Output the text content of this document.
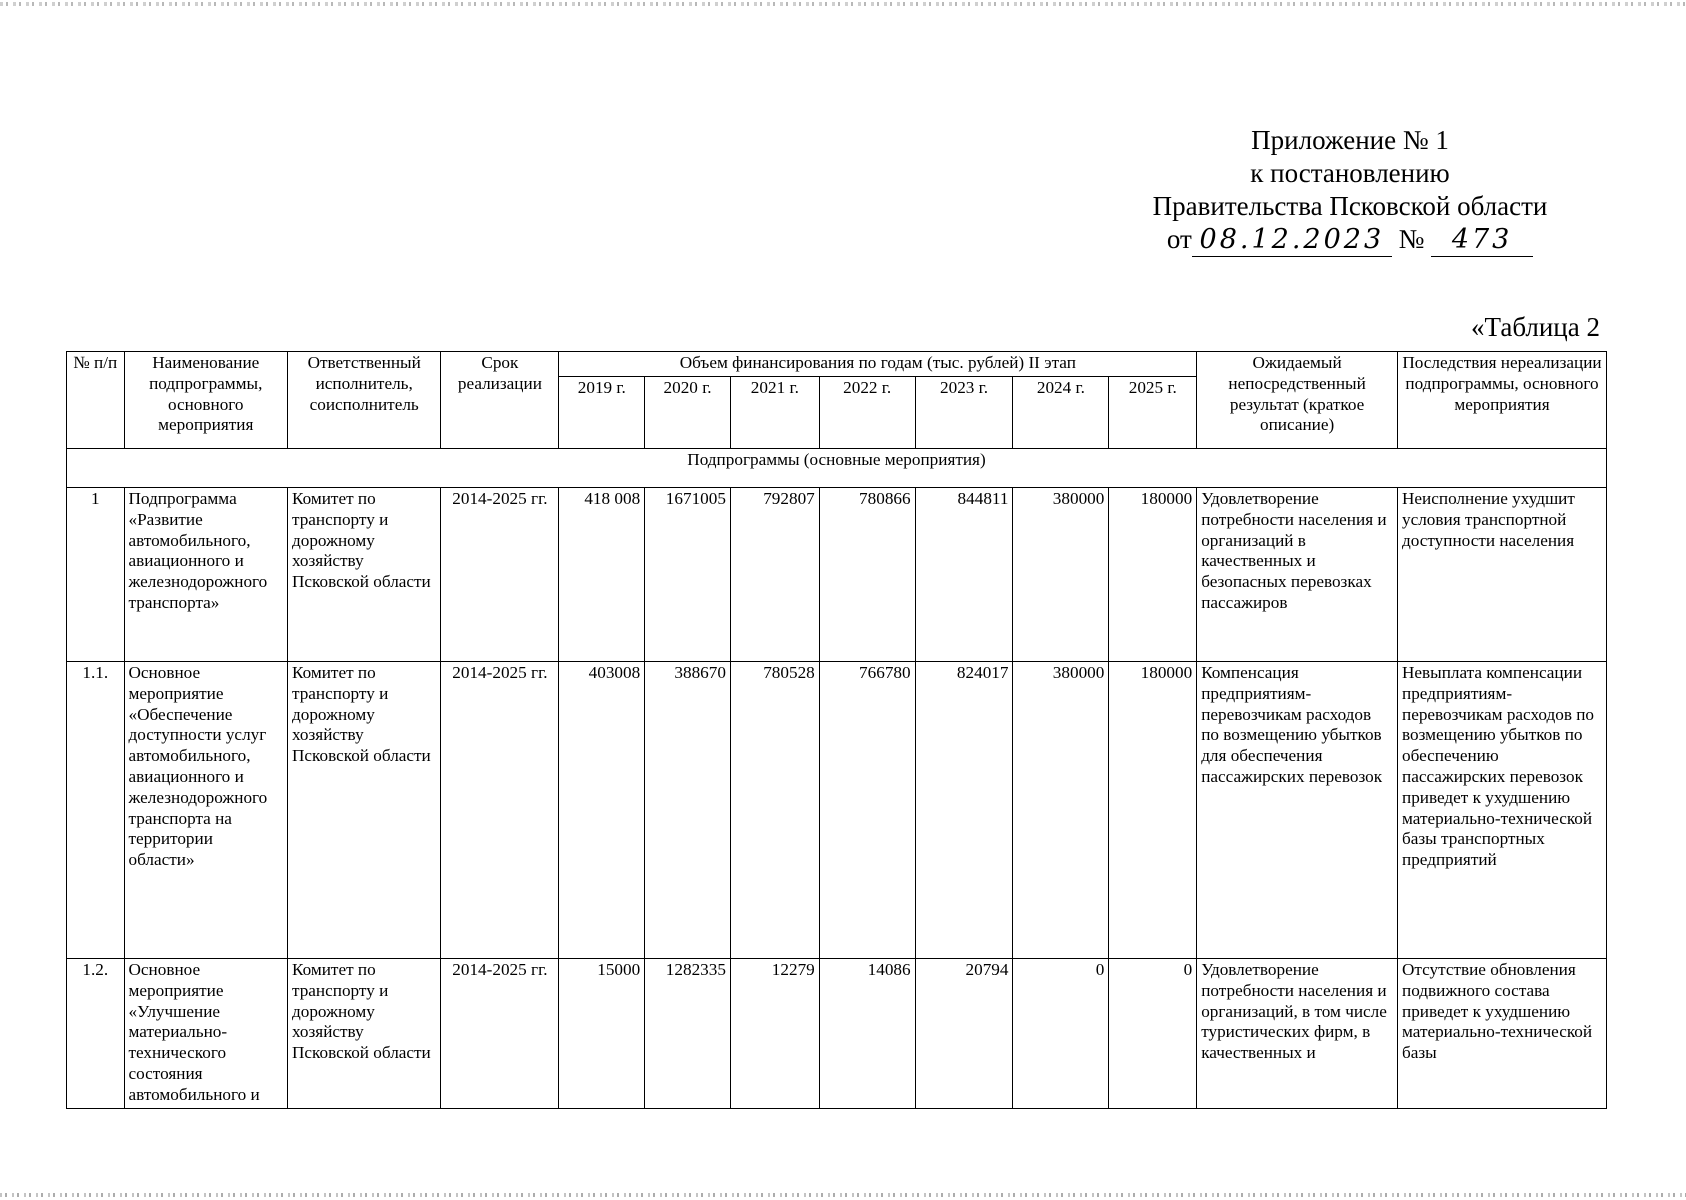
Приложение № 1
к постановлению
Правительства Псковской области
от 08.12.2023 № 473
«Таблица 2
№ п/п	Наименование подпрограммы, основного мероприятия	Ответственный исполнитель, соисполнитель	Срок реализации	Объем финансирования по годам (тыс. рублей) II этап							Ожидаемый непосредственный результат (краткое описание)	Последствия нереализации подпрограммы, основного мероприятия
				2019 г.	2020 г.	2021 г.	2022 г.	2023 г.	2024 г.	2025 г.		
Подпрограммы (основные мероприятия)												
1	Подпрограмма «Развитие автомобильного, авиационного и железнодорожного транспорта»	Комитет по транспорту и дорожному хозяйству Псковской области	2014-2025 гг.	418 008	1671005	792807	780866	844811	380000	180000	Удовлетворение потребности населения и организаций в качественных и безопасных перевозках пассажиров	Неисполнение ухудшит условия транспортной доступности населения
1.1.	Основное мероприятие «Обеспечение доступности услуг автомобильного, авиационного и железнодорожного транспорта на территории области»	Комитет по транспорту и дорожному хозяйству Псковской области	2014-2025 гг.	403008	388670	780528	766780	824017	380000	180000	Компенсация предприятиям-перевозчикам расходов по возмещению убытков для обеспечения пассажирских перевозок	Невыплата компенсации предприятиям-перевозчикам расходов по возмещению убытков по обеспечению пассажирских перевозок приведет к ухудшению материально-технической базы транспортных предприятий
1.2.	Основное мероприятие «Улучшение материально-технического состояния автомобильного и	Комитет по транспорту и дорожному хозяйству Псковской области	2014-2025 гг.	15000	1282335	12279	14086	20794	0	0	Удовлетворение потребности населения и организаций, в том числе туристических фирм, в качественных и	Отсутствие обновления подвижного состава приведет к ухудшению материально-технической базы
